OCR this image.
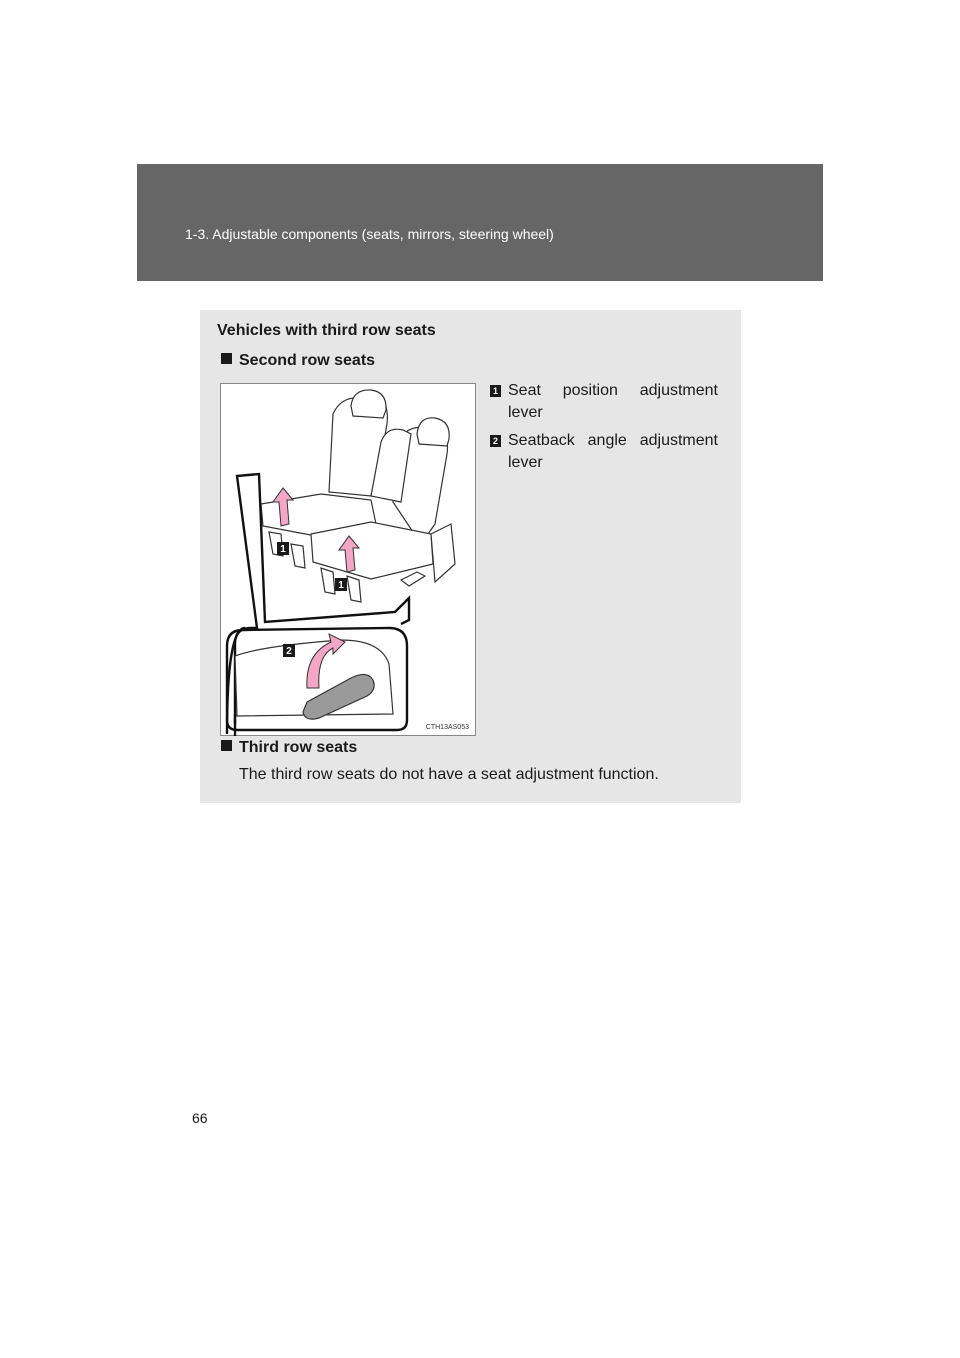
1-3. Adjustable components (seats, mirrors, steering wheel)
Vehicles with third row seats
Second row seats
1
1
2
CTH13AS053
1 Seat position adjustment lever
2 Seatback angle adjustment lever
Third row seats
The third row seats do not have a seat adjustment function.
66
